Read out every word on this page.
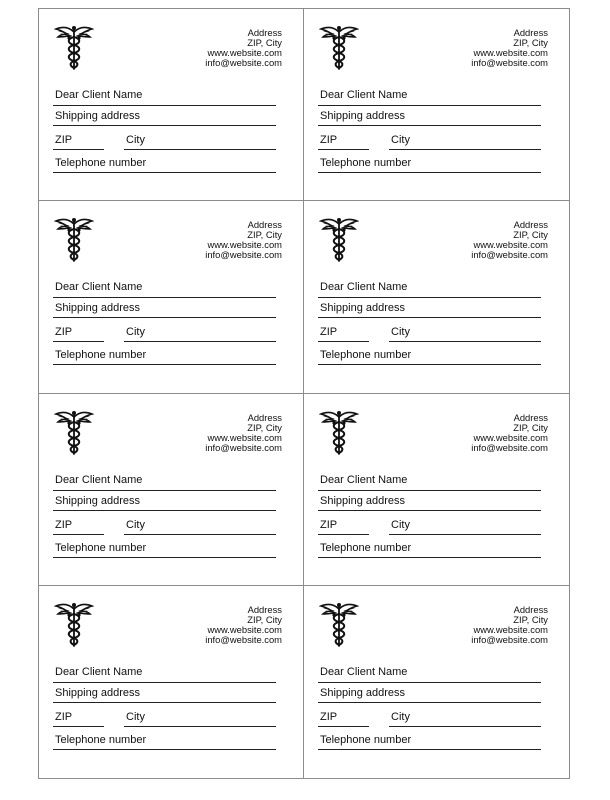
Address
ZIP, City
www.website.com
info@website.com
Dear Client Name
Shipping address
ZIP	City
Telephone number
Address
ZIP, City
www.website.com
info@website.com
Dear Client Name
Shipping address
ZIP	City
Telephone number
Address
ZIP, City
www.website.com
info@website.com
Dear Client Name
Shipping address
ZIP	City
Telephone number
Address
ZIP, City
www.website.com
info@website.com
Dear Client Name
Shipping address
ZIP	City
Telephone number
Address
ZIP, City
www.website.com
info@website.com
Dear Client Name
Shipping address
ZIP	City
Telephone number
Address
ZIP, City
www.website.com
info@website.com
Dear Client Name
Shipping address
ZIP	City
Telephone number
Address
ZIP, City
www.website.com
info@website.com
Dear Client Name
Shipping address
ZIP	City
Telephone number
Address
ZIP, City
www.website.com
info@website.com
Dear Client Name
Shipping address
ZIP	City
Telephone number
